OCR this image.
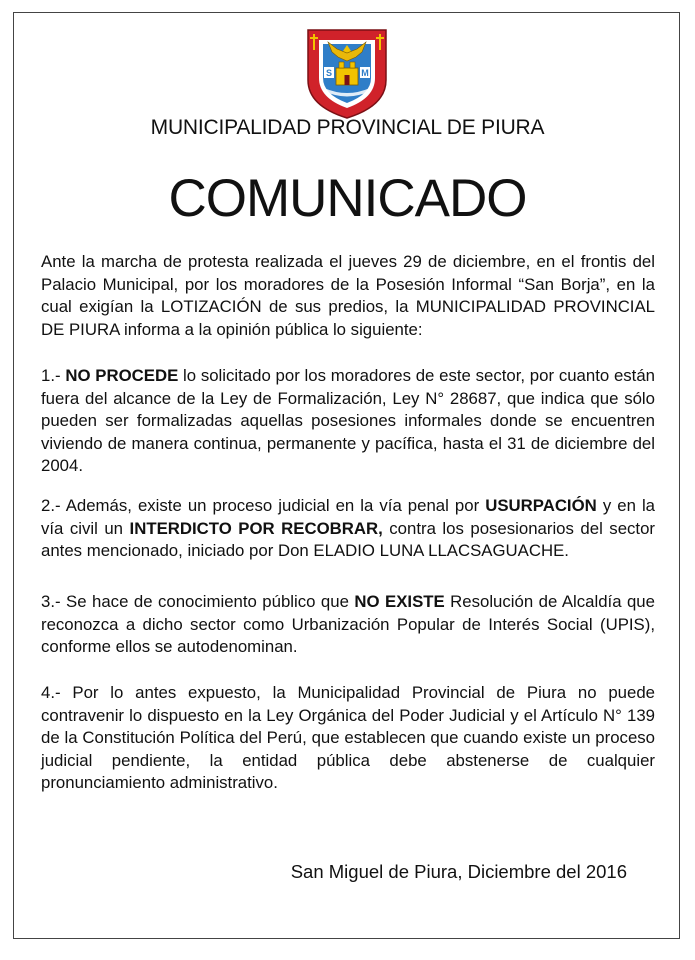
S	M
MUNICIPALIDAD PROVINCIAL DE PIURA
COMUNICADO

Ante la marcha de protesta realizada el jueves 29 de diciembre, en el frontis del Palacio Municipal, por los moradores de la Posesión Informal “San Borja”, en la cual exigían la LOTIZACIÓN de sus predios, la MUNICIPALIDAD PROVINCIAL DE PIURA informa a la opinión pública lo siguiente:

1.- NO PROCEDE lo solicitado por los moradores de este sector, por cuanto están fuera del alcance de la Ley de Formalización, Ley N° 28687, que indica que sólo pueden ser formalizadas aquellas posesiones informales donde se encuentren viviendo de manera continua, permanente y pacífica, hasta el 31 de diciembre del 2004.

2.- Además, existe un proceso judicial en la vía penal por USURPACIÓN y en la vía civil un INTERDICTO POR RECOBRAR, contra los posesionarios del sector antes mencionado, iniciado por Don ELADIO LUNA LLACSAGUACHE.

3.- Se hace de conocimiento público que NO EXISTE Resolución de Alcaldía que reconozca a dicho sector como Urbanización Popular de Interés Social (UPIS), conforme ellos se autodenominan.

4.- Por lo antes expuesto, la Municipalidad Provincial de Piura no puede contravenir lo dispuesto en la Ley Orgánica del Poder Judicial y el Artículo N° 139 de la Constitución Política del Perú, que establecen que cuando existe un proceso judicial pendiente, la entidad pública debe abstenerse de cualquier pronunciamiento administrativo.

San Miguel de Piura, Diciembre del 2016
